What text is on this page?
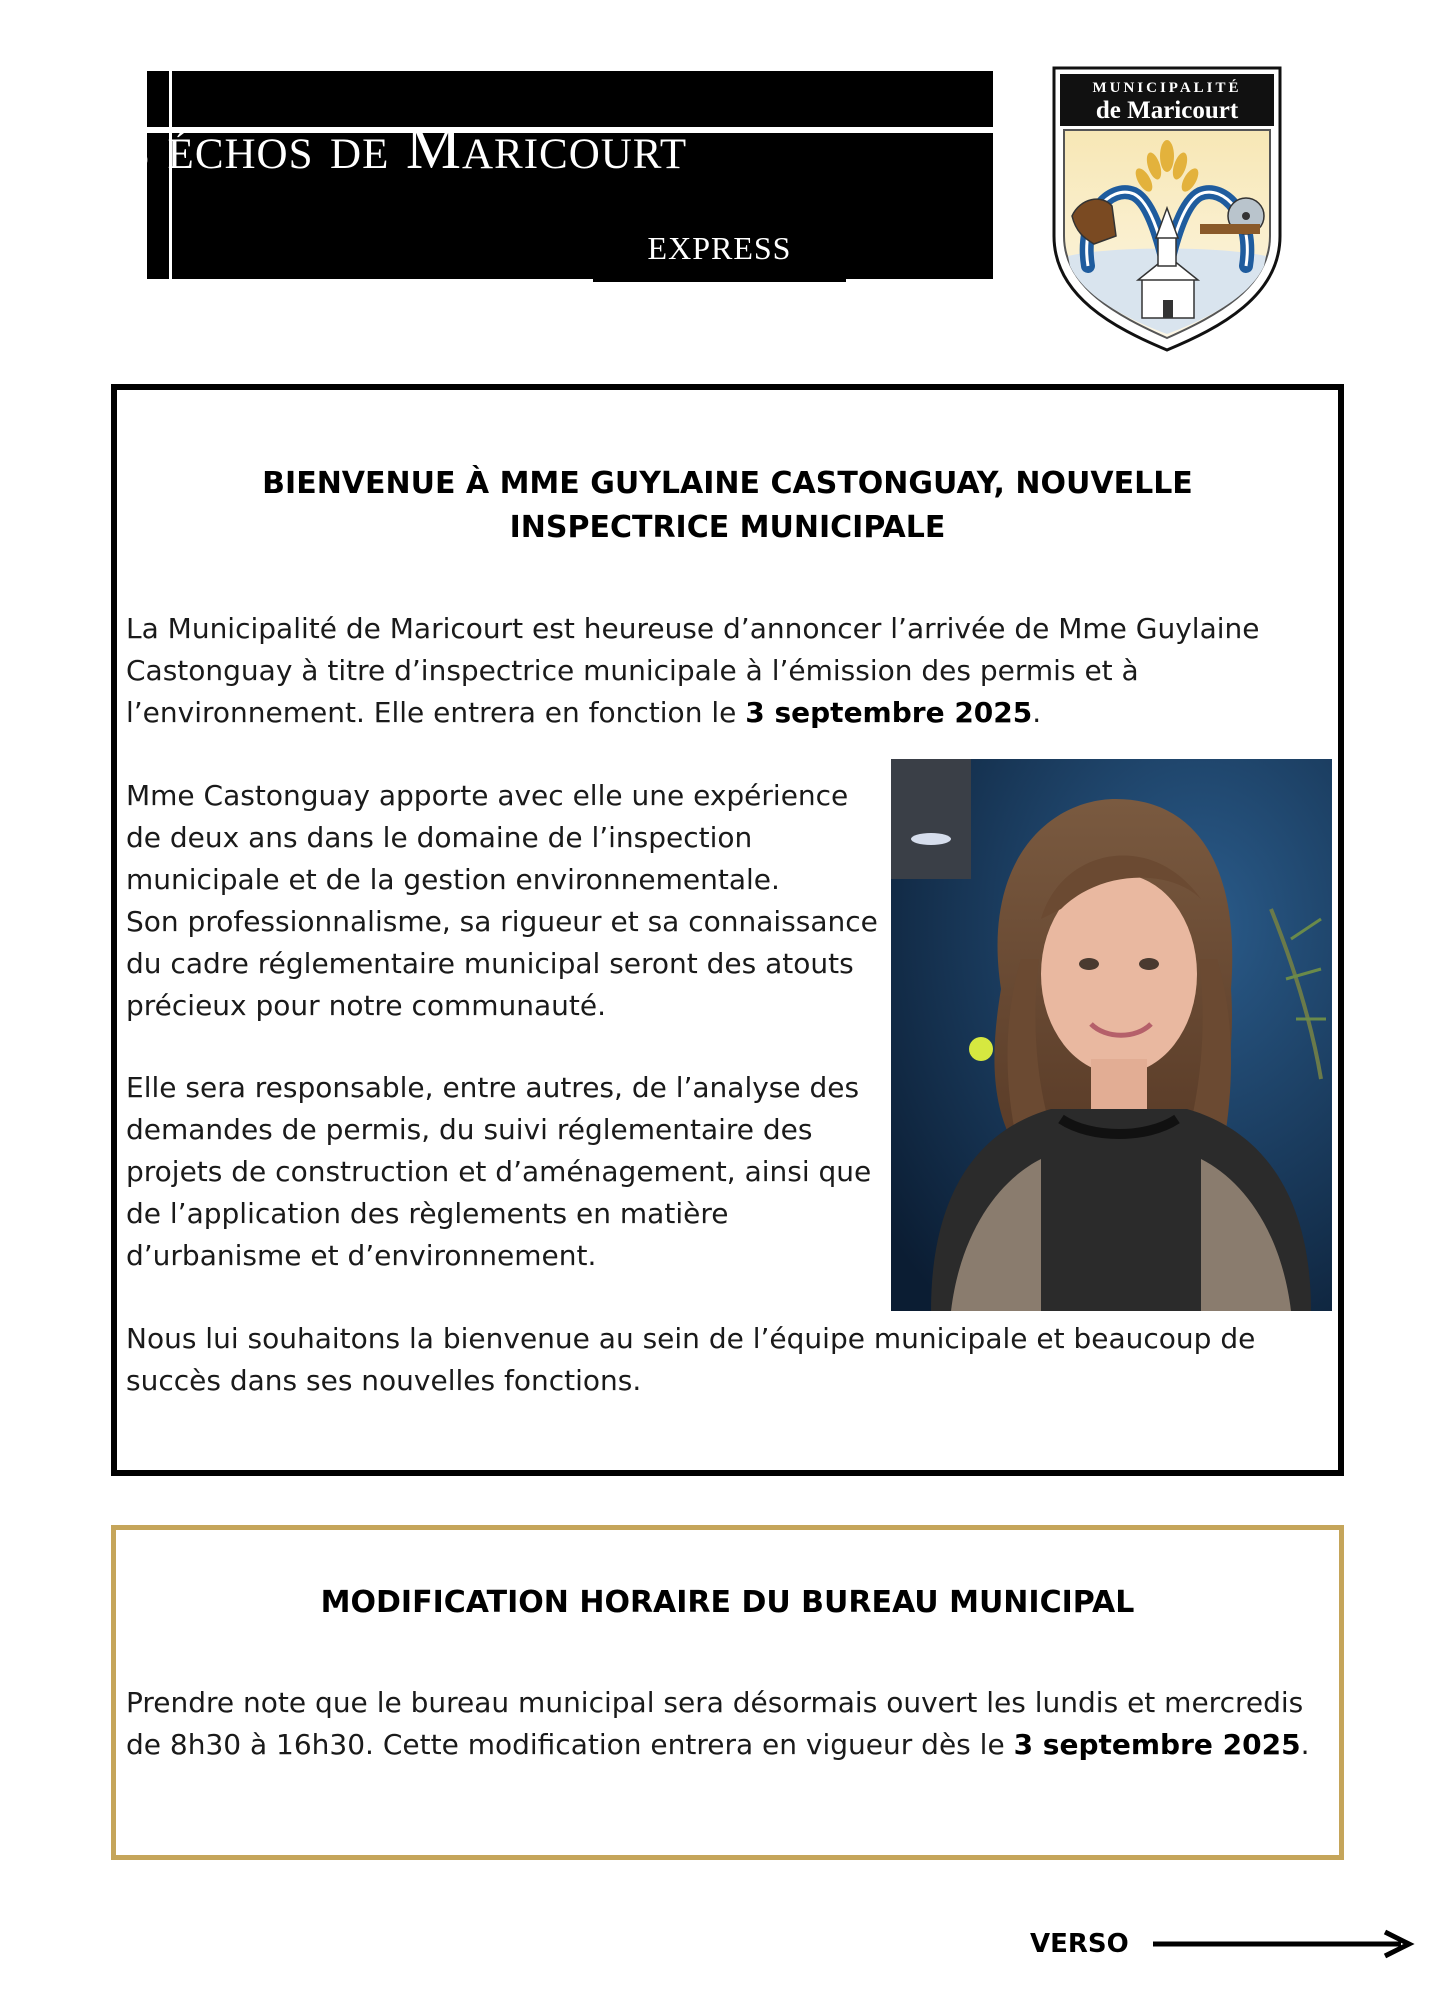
Les échos de Maricourt
EXPRESS
MUNICIPALITÉ
de Maricourt
BIENVENUE À MME GUYLAINE CASTONGUAY, NOUVELLE
INSPECTRICE MUNICIPALE
La Municipalité de Maricourt est heureuse d’annoncer l’arrivée de Mme Guylaine
Castonguay à titre d’inspectrice municipale à l’émission des permis et à
l’environnement. Elle entrera en fonction le 3 septembre 2025.
Mme Castonguay apporte avec elle une expérience
de deux ans dans le domaine de l’inspection
municipale et de la gestion environnementale.
Son professionnalisme, sa rigueur et sa connaissance
du cadre réglementaire municipal seront des atouts
précieux pour notre communauté.
Elle sera responsable, entre autres, de l’analyse des
demandes de permis, du suivi réglementaire des
projets de construction et d’aménagement, ainsi que
de l’application des règlements en matière
d’urbanisme et d’environnement.
Nous lui souhaitons la bienvenue au sein de l’équipe municipale et beaucoup de
succès dans ses nouvelles fonctions.
MODIFICATION HORAIRE DU BUREAU MUNICIPAL
Prendre note que le bureau municipal sera désormais ouvert les lundis et mercredis
de 8h30 à 16h30. Cette modification entrera en vigueur dès le 3 septembre 2025.
VERSO
